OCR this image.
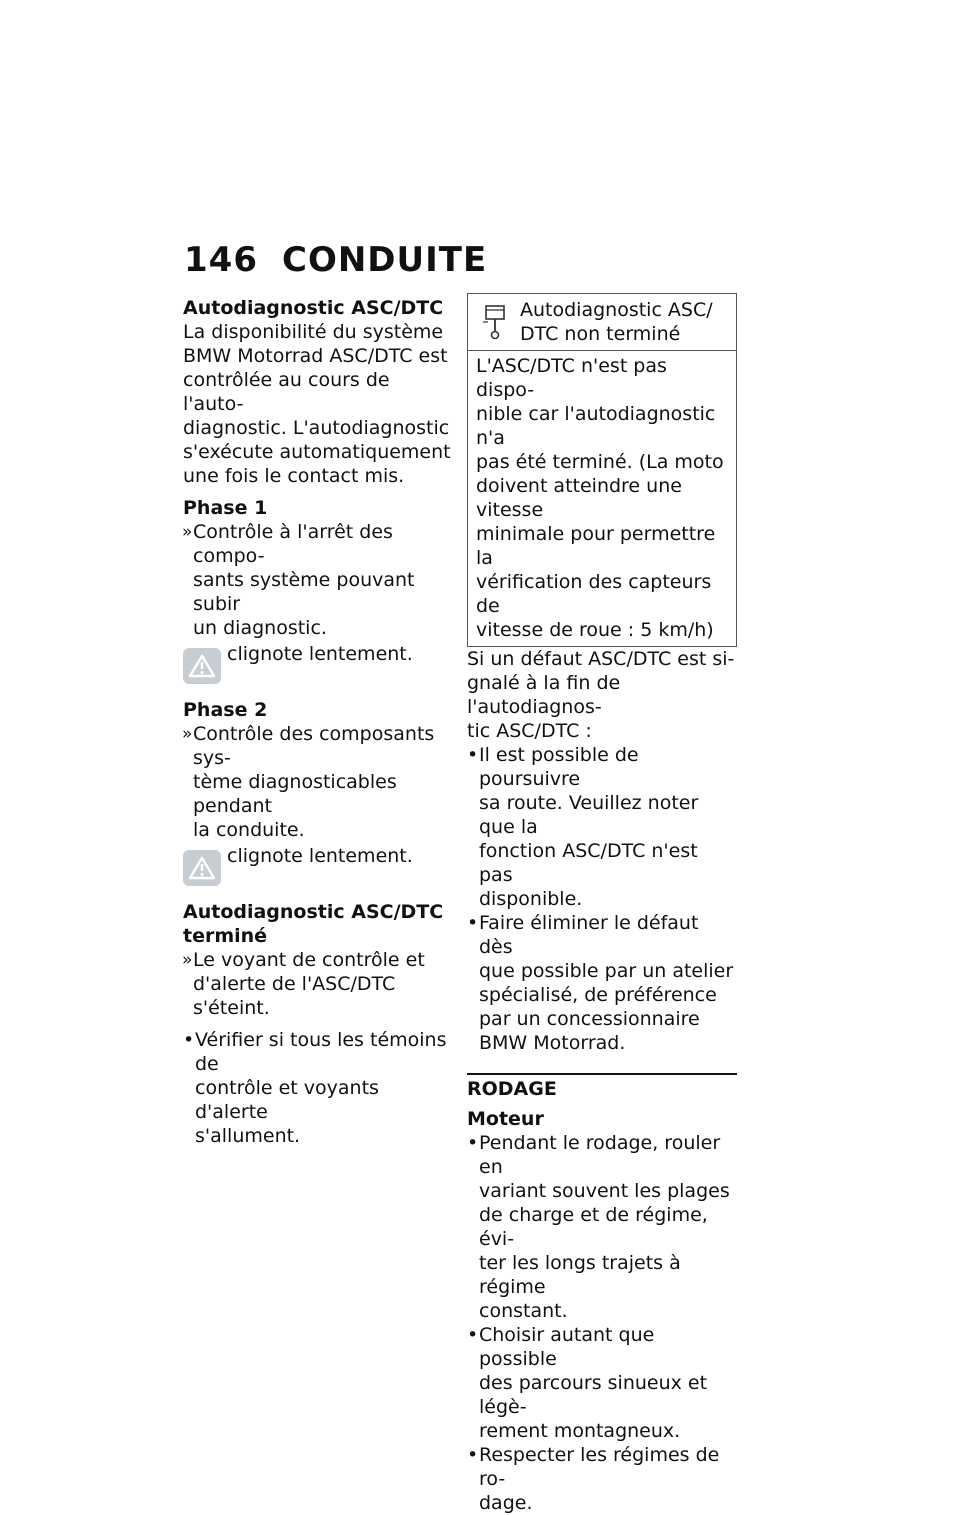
146 CONDUITE

Autodiagnostic ASC/DTC

La disponibilité du système

BMW Motorrad ASC/DTC est

contrôlée au cours de l'auto-

diagnostic. L'autodiagnostic

s'exécute automatiquement

une fois le contact mis.

Phase 1

» Contrôle à l'arrêt des compo-

sants système pouvant subir

un diagnostic.

clignote lentement.

Phase 2

» Contrôle des composants sys-

tème diagnosticables pendant

la conduite.

clignote lentement.

Autodiagnostic ASC/DTC

terminé

» Le voyant de contrôle et

d'alerte de l'ASC/DTC s'éteint.

• Vérifier si tous les témoins de

contrôle et voyants d'alerte

s'allument.

Autodiagnostic ASC/

DTC non terminé

L'ASC/DTC n'est pas dispo-

nible car l'autodiagnostic n'a

pas été terminé. (La moto

doivent atteindre une vitesse

minimale pour permettre la

vérification des capteurs de

vitesse de roue : 5 km/h)

Si un défaut ASC/DTC est si-

gnalé à la fin de l'autodiagnos-

tic ASC/DTC :

• Il est possible de poursuivre

sa route. Veuillez noter que la

fonction ASC/DTC n'est pas

disponible.

• Faire éliminer le défaut dès

que possible par un atelier

spécialisé, de préférence

par un concessionnaire

BMW Motorrad.

RODAGE

Moteur

• Pendant le rodage, rouler en

variant souvent les plages

de charge et de régime, évi-

ter les longs trajets à régime

constant.

• Choisir autant que possible

des parcours sinueux et légè-

rement montagneux.

• Respecter les régimes de ro-

dage.
